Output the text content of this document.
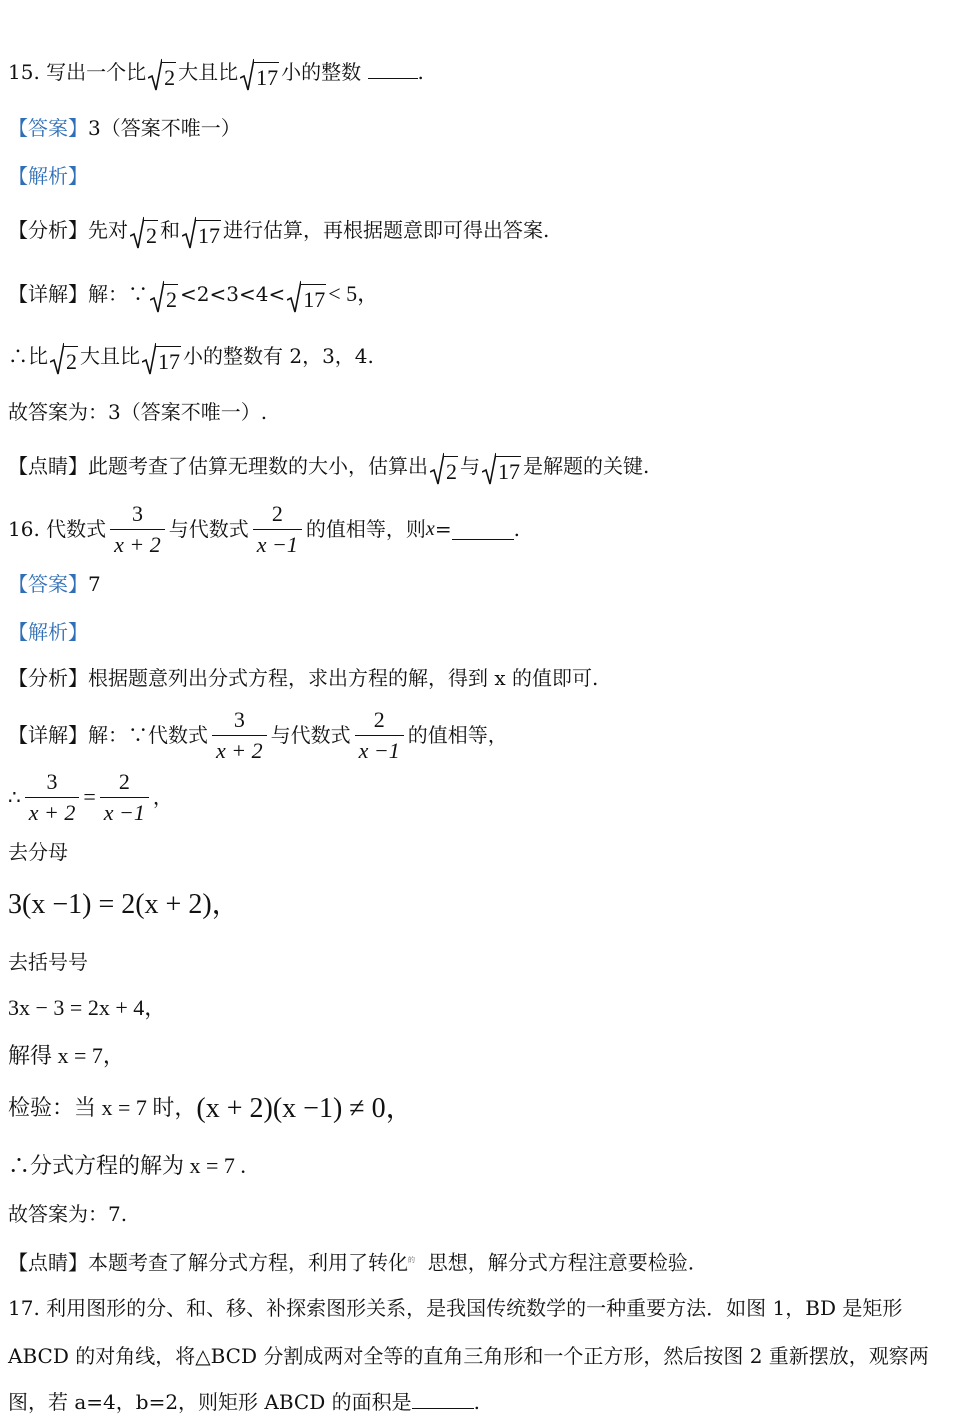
15. 写出一个比 2 大且比 17 小的整数	.
【答案】3（答案不唯一）
【解析】
【分析】先对 2 和 17 进行估算，再根据题意即可得出答案.
【详解】解：∵ 2 <2<3<4< 17 < 5，
∴比 2 大且比 17 小的整数有 2，3，4.
故答案为：3（答案不唯一）.
【点睛】此题考查了估算无理数的大小，估算出 2 与 17 是解题的关键.
16.
代数式 $\frac{3}{x + 2}$ 与代数式 $\frac{2}{x -1}$ 的值相等，则 x =	.
【答案】7
【解析】
【分析】根据题意列出分式方程，求出方程的解，得到 x 的值即可.
【详解】 解：∵代数式 $\frac{3}{x + 2}$ 与代数式 $\frac{2}{x -1}$ 的值相等，
∴ $\frac{3}{x + 2} = \frac{2}{x -1}$ ，
去分母
3(x −1) = 2(x + 2)，
去括号号
3x − 3 = 2x + 4，
解得 x = 7，
检验：当 x = 7 时，(x + 2)(x −1) ≠ 0，
∴分式方程的解为 x = 7 .
故答案为：7.
【点睛】本题考查了解分式方程，利用了转化$^的$ 思想，解分式方程注意要检验.
17. 利用图形的分、和、移、补探索图形关系，是我国传统数学的一种重要方法．如图 1，BD 是矩形
ABCD 的对角线，将△BCD 分割成两对全等的直角三角形和一个正方形，然后按图 2 重新摆放，观察两
图，若 a=4，b=2，则矩形 ABCD 的面积是	.
